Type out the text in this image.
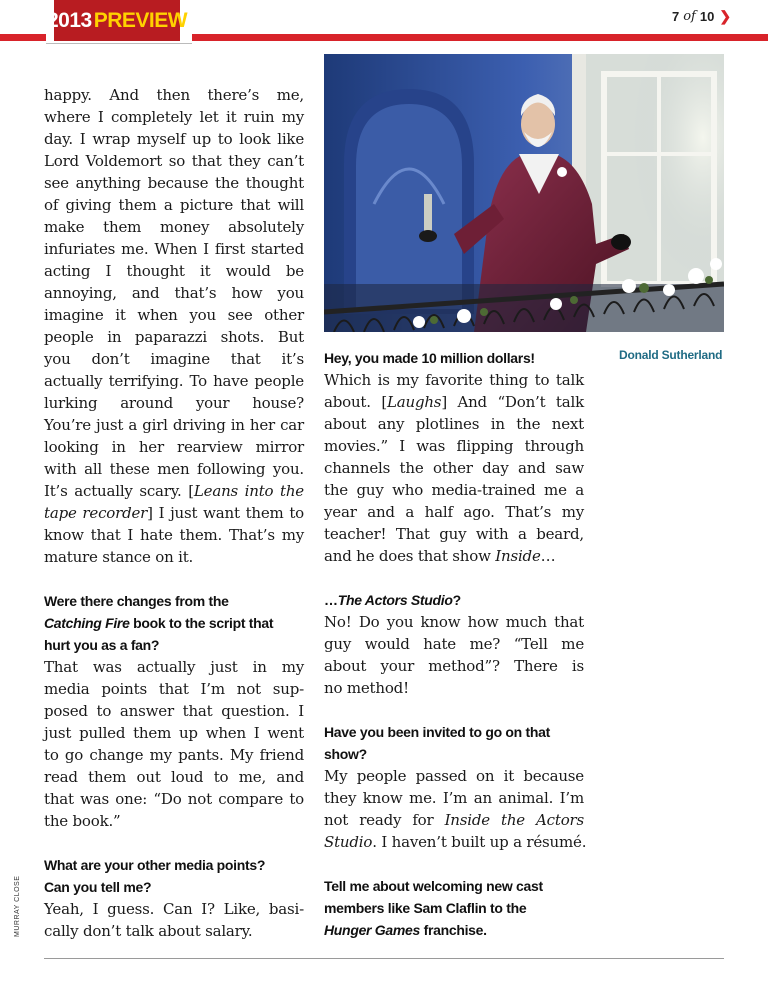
2013 PREVIEW	7 of 10 ❯
happy. And then there’s me,
where I completely let it ruin my
day. I wrap myself up to look like
Lord Voldemort so that they can’t
see anything because the thought
of giving them a picture that will
make them money absolutely
infuriates me. When I first started
acting I thought it would be
annoying, and that’s how you
imagine it when you see other
people in paparazzi shots. But
you don’t imagine that it’s
actually terrifying. To have people
lurking around your house?
You’re just a girl driving in her car
looking in her rearview mirror
with all these men following you.
It’s actually scary. [Leans into the
tape recorder] I just want them to
know that I hate them. That’s my
mature stance on it.
Were there changes from the
Catching Fire book to the script that
hurt you as a fan?
That was actually just in my
media points that I’m not sup-
posed to answer that question. I
just pulled them up when I went
to go change my pants. My friend
read them out loud to me, and
that was one: “Do not compare to
the book.”
What are your other media points?
Can you tell me?
Yeah, I guess. Can I? Like, basi-
cally don’t talk about salary.
Donald Sutherland
Hey, you made 10 million dollars!
Which is my favorite thing to talk
about. [Laughs] And “Don’t talk
about any plotlines in the next
movies.” I was flipping through
channels the other day and saw
the guy who media-trained me a
year and a half ago. That’s my
teacher! That guy with a beard,
and he does that show Inside…
…The Actors Studio?
No! Do you know how much that
guy would hate me? “Tell me
about your method”? There is
no method!
Have you been invited to go on that
show?
My people passed on it because
they know me. I’m an animal. I’m
not ready for Inside the Actors
Studio. I haven’t built up a résumé.
Tell me about welcoming new cast
members like Sam Claflin to the
Hunger Games franchise.
MURRAY CLOSE
